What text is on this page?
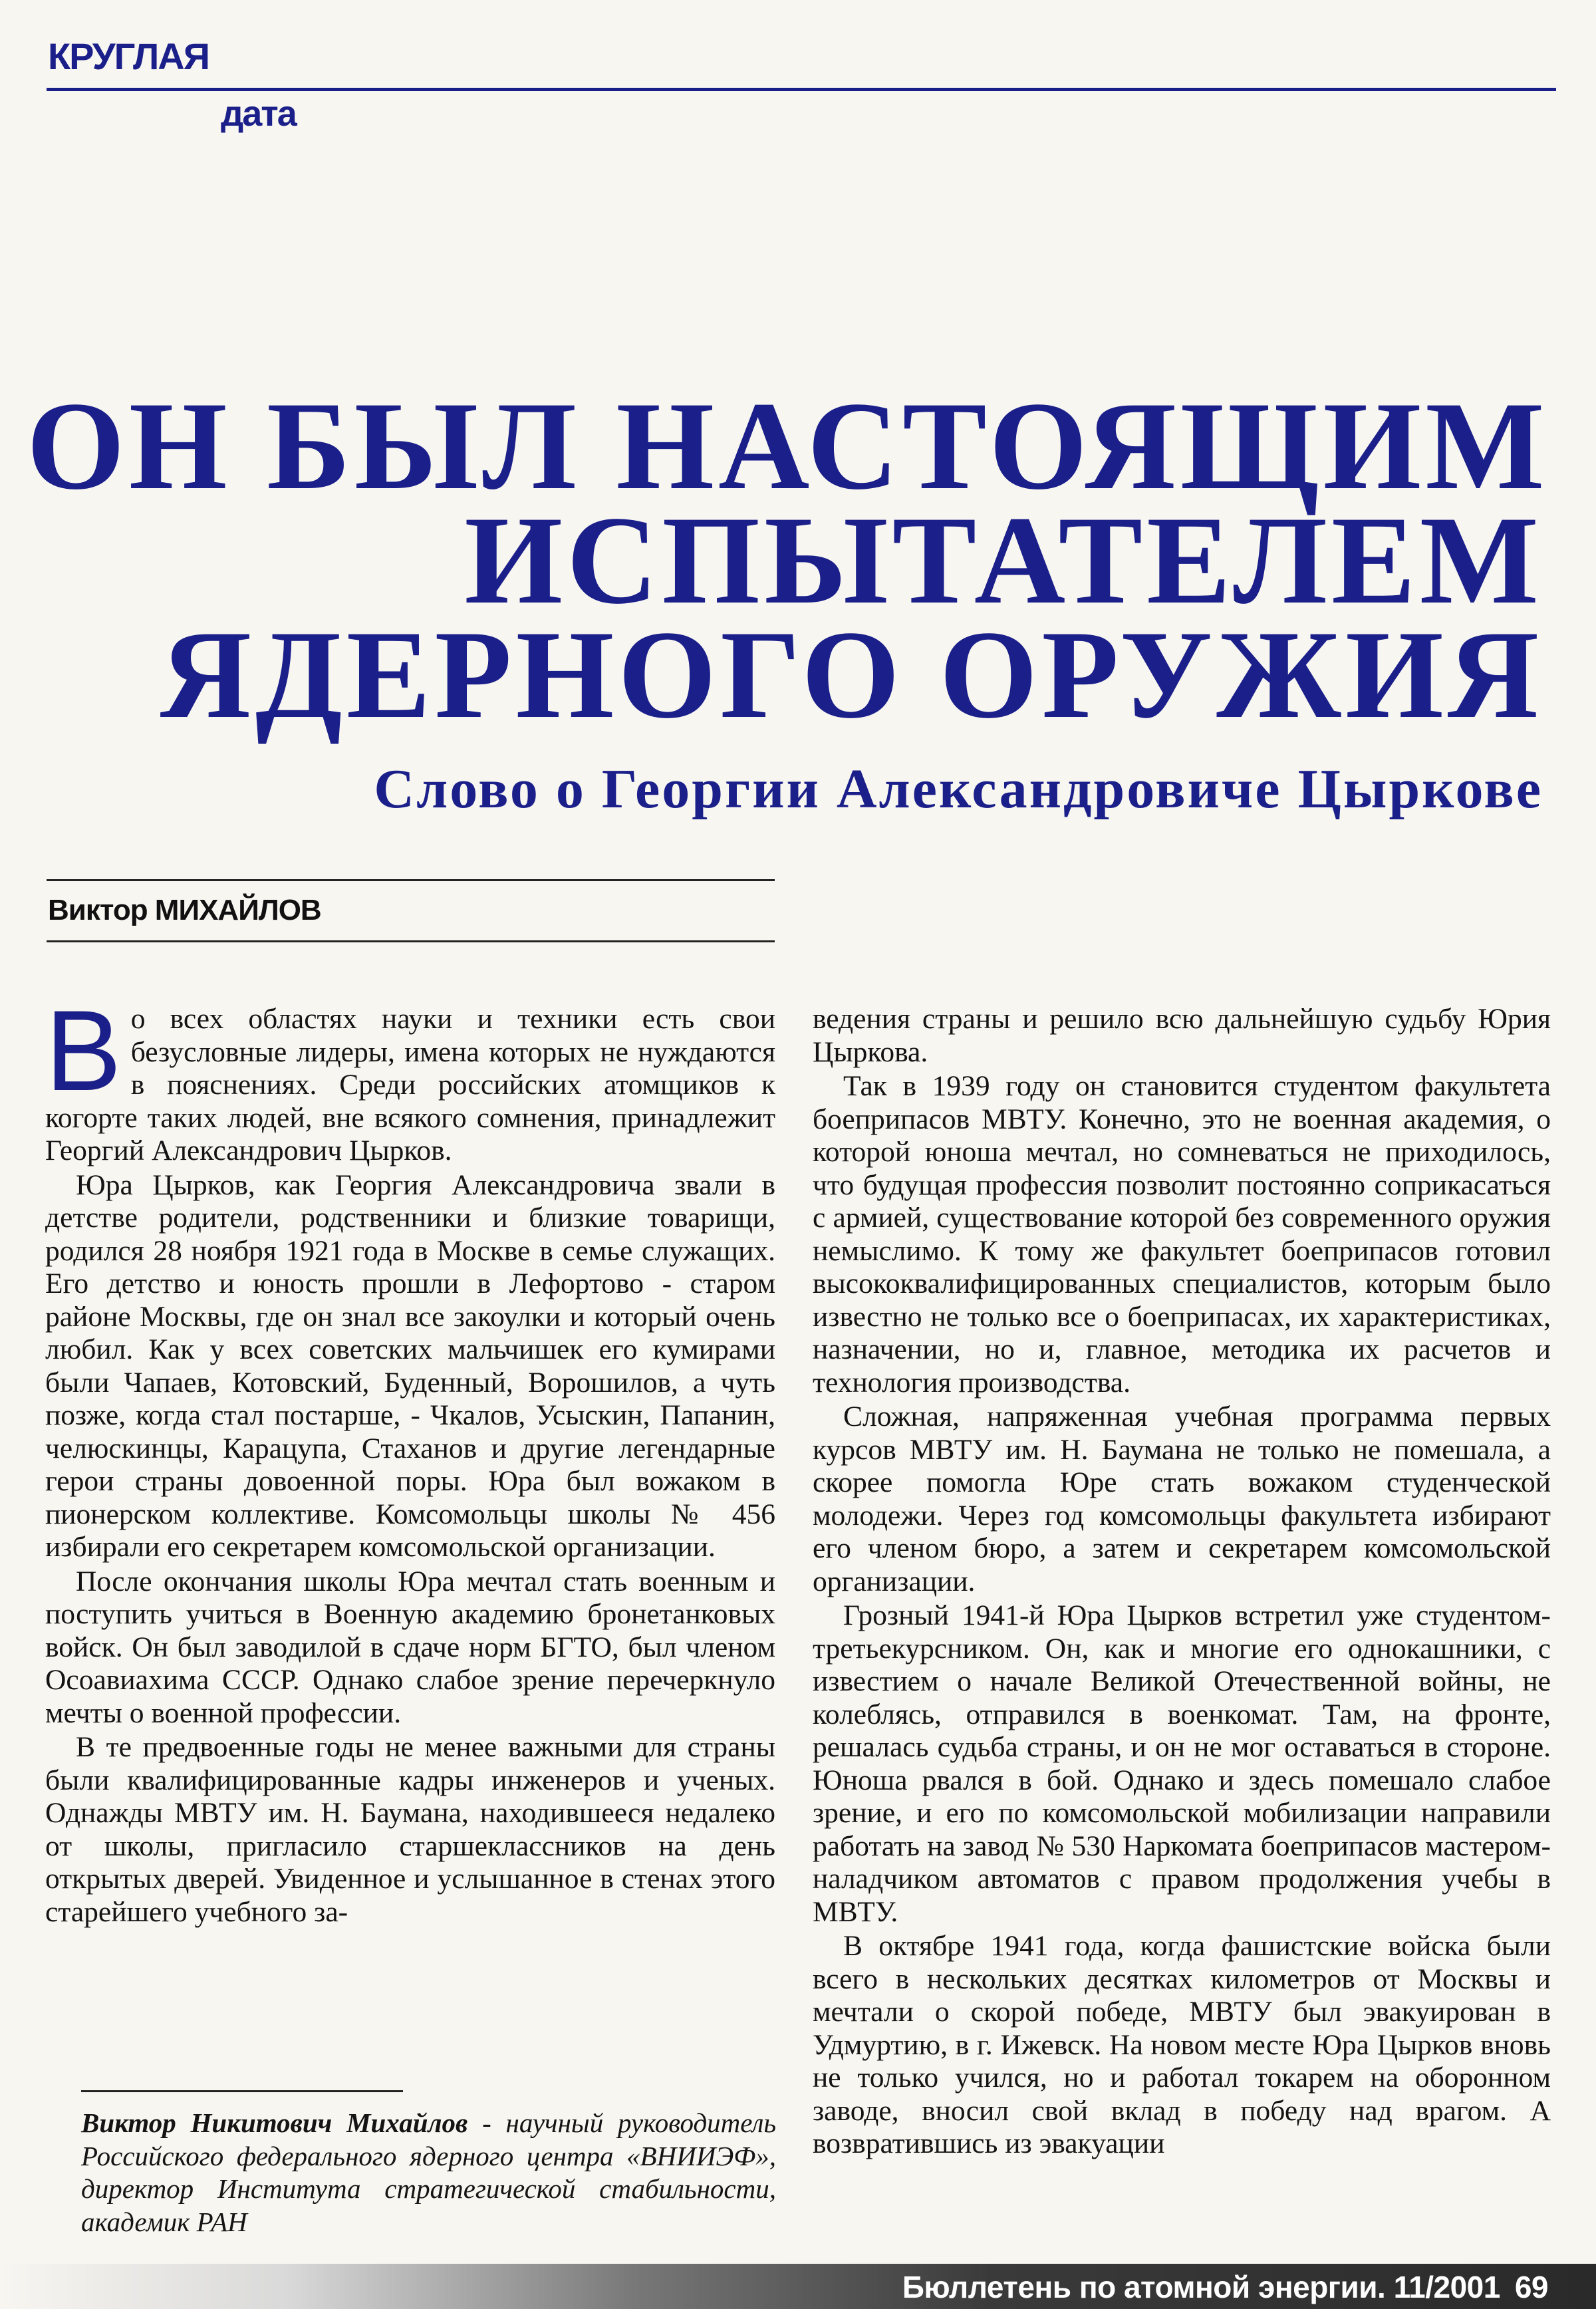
КРУГЛАЯ
дата
ОН БЫЛ НАСТОЯЩИМ
ИСПЫТАТЕЛЕМ
ЯДЕРНОГО ОРУЖИЯ
Слово о Георгии Александровиче Цыркове
Виктор МИХАЙЛОВ

Во всех областях науки и техники есть свои безусловные лидеры, имена которых не нуждаются в пояснениях. Среди российских атомщиков к когорте таких людей, вне всякого сомнения, принадлежит Георгий Александрович Цырков.

Юра Цырков, как Георгия Александровича звали в детстве родители, родственники и близкие товарищи, родился 28 ноября 1921 года в Москве в семье служащих. Его детство и юность прошли в Лефортово - старом районе Москвы, где он знал все закоулки и который очень любил. Как у всех советских мальчишек его кумирами были Чапаев, Котовский, Буденный, Ворошилов, а чуть позже, когда стал постарше, - Чкалов, Усыскин, Папанин, челюскинцы, Карацупа, Стаханов и другие легендарные герои страны довоенной поры. Юра был вожаком в пионерском коллективе. Комсомольцы школы № 456 избирали его секретарем комсомольской организации.

После окончания школы Юра мечтал стать военным и поступить учиться в Военную академию бронетанковых войск. Он был заводилой в сдаче норм БГТО, был членом Осоавиахима СССР. Однако слабое зрение перечеркнуло мечты о военной профессии.

В те предвоенные годы не менее важными для страны были квалифицированные кадры инженеров и ученых. Однажды МВТУ им. Н. Баумана, находившееся недалеко от школы, пригласило старшеклассников на день открытых дверей. Увиденное и услышанное в стенах этого старейшего учебного за-

ведения страны и решило всю дальнейшую судьбу Юрия Цыркова.

Так в 1939 году он становится студентом факультета боеприпасов МВТУ. Конечно, это не военная академия, о которой юноша мечтал, но сомневаться не приходилось, что будущая профессия позволит постоянно соприкасаться с армией, существование которой без современного оружия немыслимо. К тому же факультет боеприпасов готовил высококвалифицированных специалистов, которым было известно не только все о боеприпасах, их характеристиках, назначении, но и, главное, методика их расчетов и технология производства.

Сложная, напряженная учебная программа первых курсов МВТУ им. Н. Баумана не только не помешала, а скорее помогла Юре стать вожаком студенческой молодежи. Через год комсомольцы факультета избирают его членом бюро, а затем и секретарем комсомольской организации.

Грозный 1941-й Юра Цырков встретил уже студентом-третьекурсником. Он, как и многие его однокашники, с известием о начале Великой Отечественной войны, не колеблясь, отправился в военкомат. Там, на фронте, решалась судьба страны, и он не мог оставаться в стороне. Юноша рвался в бой. Однако и здесь помешало слабое зрение, и его по комсомольской мобилизации направили работать на завод № 530 Наркомата боеприпасов мастером-наладчиком автоматов с правом продолжения учебы в МВТУ.

В октябре 1941 года, когда фашистские войска были всего в нескольких десятках километров от Москвы и мечтали о скорой победе, МВТУ был эвакуирован в Удмуртию, в г. Ижевск. На новом месте Юра Цырков вновь не только учился, но и работал токарем на оборонном заводе, вносил свой вклад в победу над врагом. А возвратившись из эвакуации

Виктор Никитович Михайлов - научный руководитель Российского федерального ядерного центра «ВНИИЭФ», директор Института стратегической стабильности, академик РАН
Бюллетень по атомной энергии. 11/2001 69
